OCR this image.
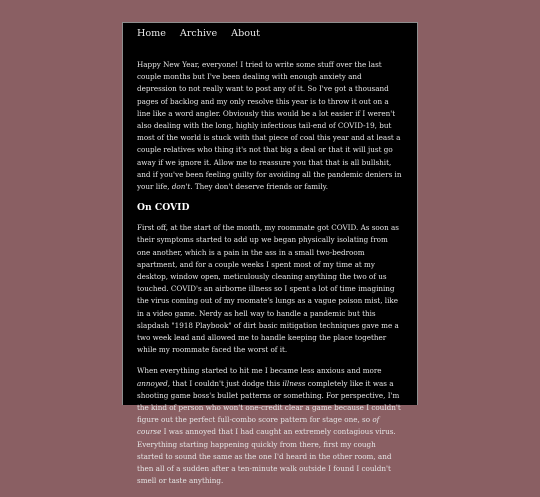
Home Archive About

Happy New Year, everyone! I tried to write some stuff over the last couple months but I've been dealing with enough anxiety and depression to not really want to post any of it. So I've got a thousand pages of backlog and my only resolve this year is to throw it out on a line like a word angler. Obviously this would be a lot easier if I weren't also dealing with the long, highly infectious tail-end of COVID-19, but most of the world is stuck with that piece of coal this year and at least a couple relatives who thing it's not that big a deal or that it will just go away if we ignore it. Allow me to reassure you that that is all bullshit, and if you've been feeling guilty for avoiding all the pandemic deniers in your life, don't. They don't deserve friends or family.

On COVID

First off, at the start of the month, my roommate got COVID. As soon as their symptoms started to add up we began physically isolating from one another, which is a pain in the ass in a small two-bedroom apartment, and for a couple weeks I spent most of my time at my desktop, window open, meticulously cleaning anything the two of us touched. COVID's an airborne illness so I spent a lot of time imagining the virus coming out of my roomate's lungs as a vague poison mist, like in a video game. Nerdy as hell way to handle a pandemic but this slapdash "1918 Playbook" of dirt basic mitigation techniques gave me a two week lead and allowed me to handle keeping the place together while my roommate faced the worst of it.

When everything started to hit me I became less anxious and more annoyed, that I couldn't just dodge this illness completely like it was a shooting game boss's bullet patterns or something. For perspective, I'm the kind of person who won't one-credit clear a game because I couldn't figure out the perfect full-combo score pattern for stage one, so of course I was annoyed that I had caught an extremely contagious virus. Everything starting happening quickly from there, first my cough started to sound the same as the one I'd heard in the other room, and then all of a sudden after a ten-minute walk outside I found I couldn't smell or taste anything.
